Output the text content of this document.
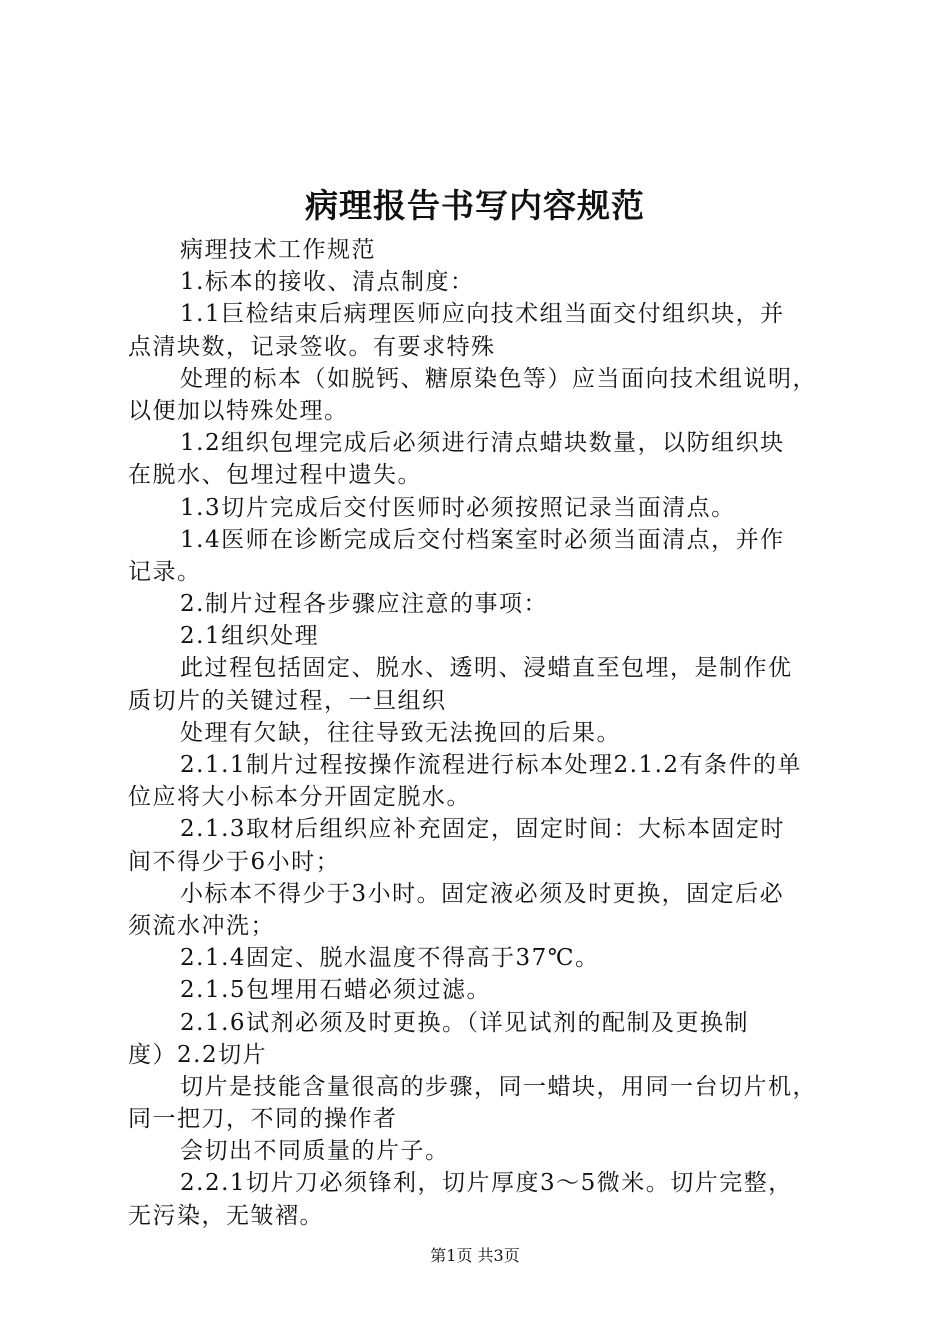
病理报告书写内容规范
病理技术工作规范
1.标本的接收、清点制度：
1.1巨检结束后病理医师应向技术组当面交付组织块，并
点清块数，记录签收。有要求特殊
处理的标本（如脱钙、糖原染色等）应当面向技术组说明，
以便加以特殊处理。
1.2组织包埋完成后必须进行清点蜡块数量，以防组织块
在脱水、包埋过程中遗失。
1.3切片完成后交付医师时必须按照记录当面清点。
1.4医师在诊断完成后交付档案室时必须当面清点，并作
记录。
2.制片过程各步骤应注意的事项：
2.1组织处理
此过程包括固定、脱水、透明、浸蜡直至包埋，是制作优
质切片的关键过程，一旦组织
处理有欠缺，往往导致无法挽回的后果。
2.1.1制片过程按操作流程进行标本处理2.1.2有条件的单
位应将大小标本分开固定脱水。
2.1.3取材后组织应补充固定，固定时间：大标本固定时
间不得少于6小时；
小标本不得少于3小时。固定液必须及时更换，固定后必
须流水冲洗；
2.1.4固定、脱水温度不得高于37℃。
2.1.5包埋用石蜡必须过滤。
2.1.6试剂必须及时更换。（详见试剂的配制及更换制
度）2.2切片
切片是技能含量很高的步骤，同一蜡块，用同一台切片机，
同一把刀，不同的操作者
会切出不同质量的片子。
2.2.1切片刀必须锋利，切片厚度3～5微米。切片完整，
无污染，无皱褶。
第1页 共3页
